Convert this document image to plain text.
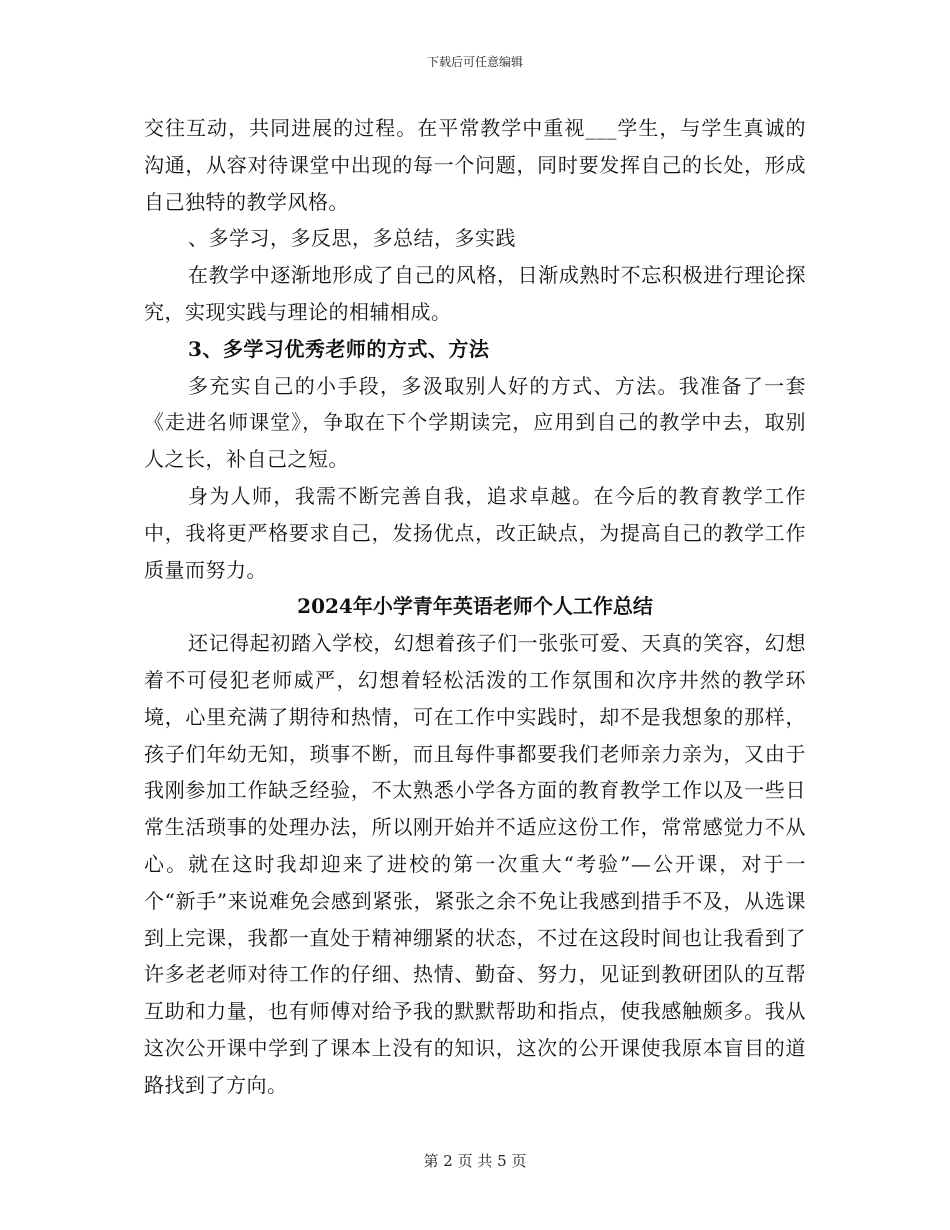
下载后可任意编辑

交往互动，共同进展的过程。在平常教学中重视___学生，与学生真诚的沟通，从容对待课堂中出现的每一个问题，同时要发挥自己的长处，形成自己独特的教学风格。

、多学习，多反思，多总结，多实践

在教学中逐渐地形成了自己的风格，日渐成熟时不忘积极进行理论探究，实现实践与理论的相辅相成。

3、多学习优秀老师的方式、方法

多充实自己的小手段，多汲取别人好的方式、方法。我准备了一套《走进名师课堂》，争取在下个学期读完，应用到自己的教学中去，取别人之长，补自己之短。

身为人师，我需不断完善自我，追求卓越。在今后的教育教学工作中，我将更严格要求自己，发扬优点，改正缺点，为提高自己的教学工作质量而努力。

2024年小学青年英语老师个人工作总结

还记得起初踏入学校，幻想着孩子们一张张可爱、天真的笑容，幻想着不可侵犯老师威严，幻想着轻松活泼的工作氛围和次序井然的教学环境，心里充满了期待和热情，可在工作中实践时，却不是我想象的那样，孩子们年幼无知，琐事不断，而且每件事都要我们老师亲力亲为，又由于我刚参加工作缺乏经验，不太熟悉小学各方面的教育教学工作以及一些日常生活琐事的处理办法，所以刚开始并不适应这份工作，常常感觉力不从心。就在这时我却迎来了进校的第一次重大“考验”—公开课，对于一个“新手”来说难免会感到紧张，紧张之余不免让我感到措手不及，从选课到上完课，我都一直处于精神绷紧的状态，不过在这段时间也让我看到了许多老老师对待工作的仔细、热情、勤奋、努力，见证到教研团队的互帮互助和力量，也有师傅对给予我的默默帮助和指点，使我感触颇多。我从这次公开课中学到了课本上没有的知识，这次的公开课使我原本盲目的道路找到了方向。

第 2 页 共 5 页
